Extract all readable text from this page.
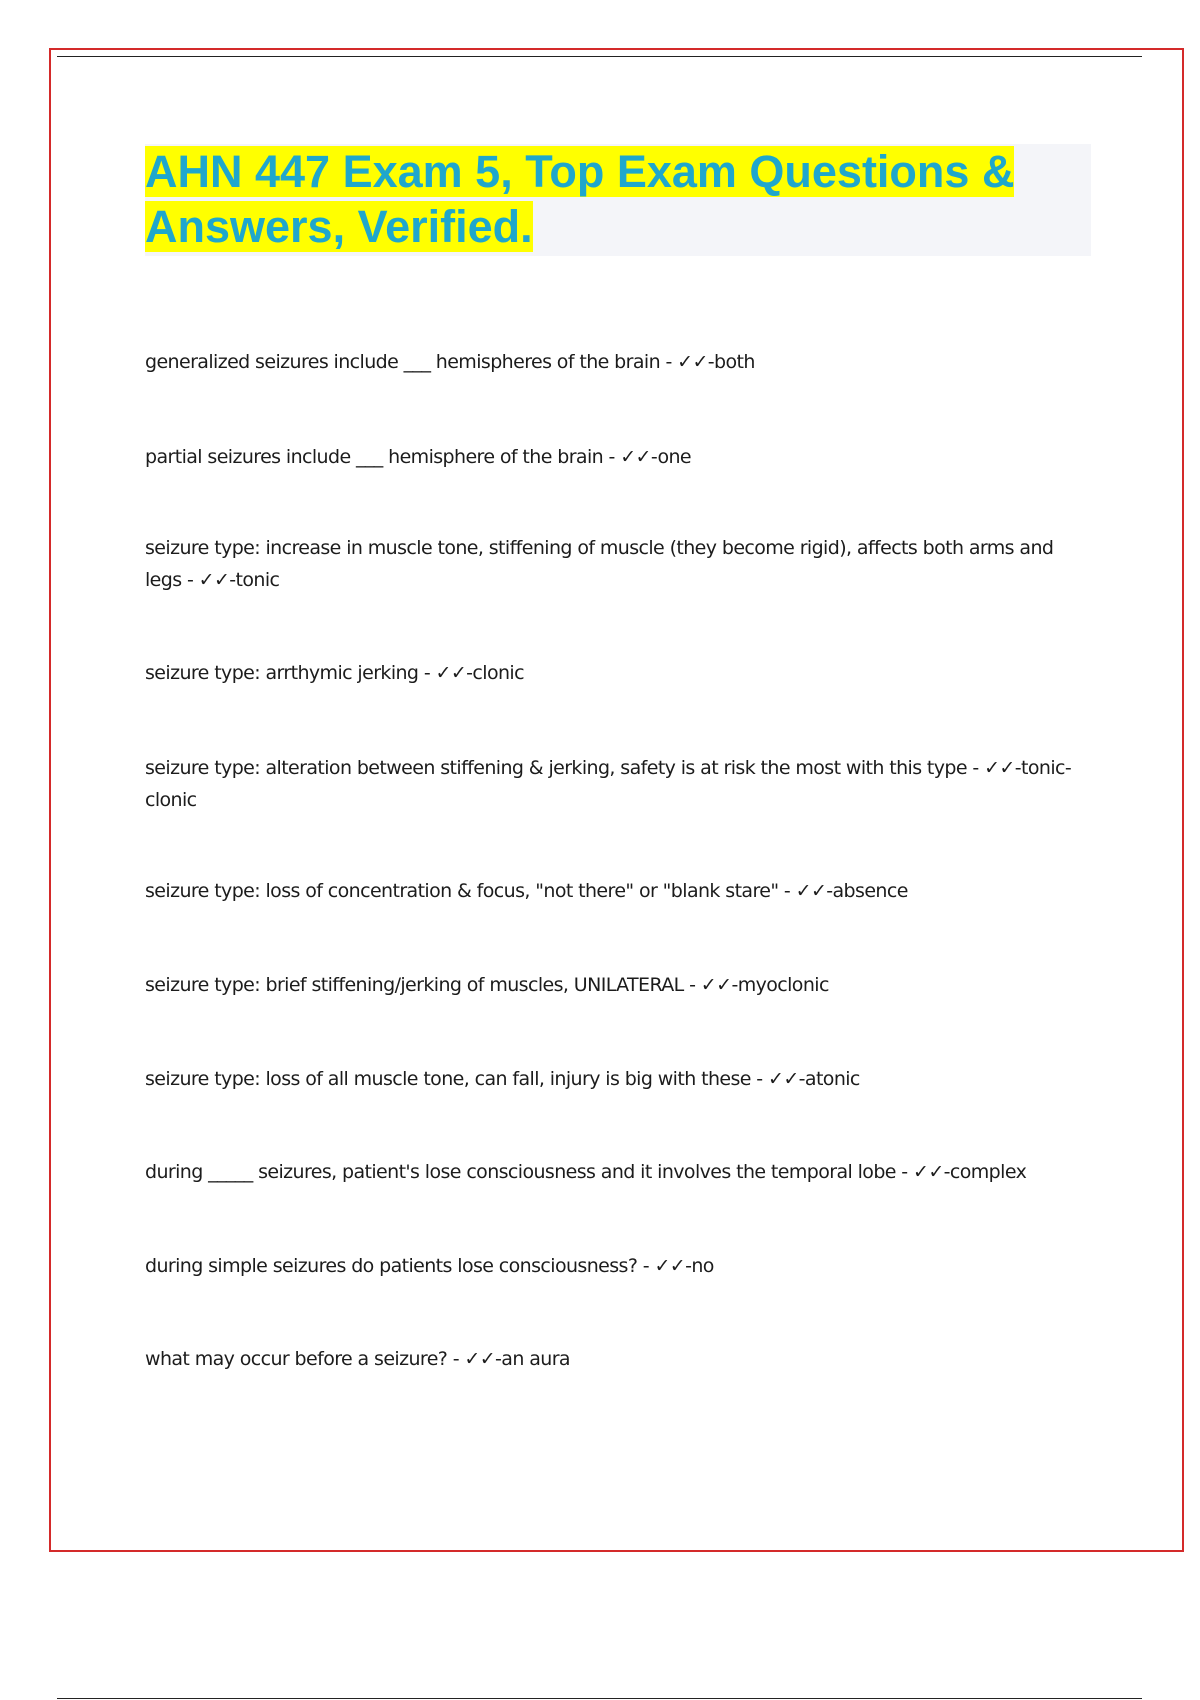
AHN 447 Exam 5, Top Exam Questions & Answers, Verified.
generalized seizures include ___ hemispheres of the brain - ✓✓-both
partial seizures include ___ hemisphere of the brain - ✓✓-one
seizure type: increase in muscle tone, stiffening of muscle (they become rigid), affects both arms and legs - ✓✓-tonic
seizure type: arrthymic jerking - ✓✓-clonic
seizure type: alteration between stiffening & jerking, safety is at risk the most with this type - ✓✓-tonic-clonic
seizure type: loss of concentration & focus, "not there" or "blank stare" - ✓✓-absence
seizure type: brief stiffening/jerking of muscles, UNILATERAL - ✓✓-myoclonic
seizure type: loss of all muscle tone, can fall, injury is big with these - ✓✓-atonic
during _____ seizures, patient's lose consciousness and it involves the temporal lobe - ✓✓-complex
during simple seizures do patients lose consciousness? - ✓✓-no
what may occur before a seizure? - ✓✓-an aura
